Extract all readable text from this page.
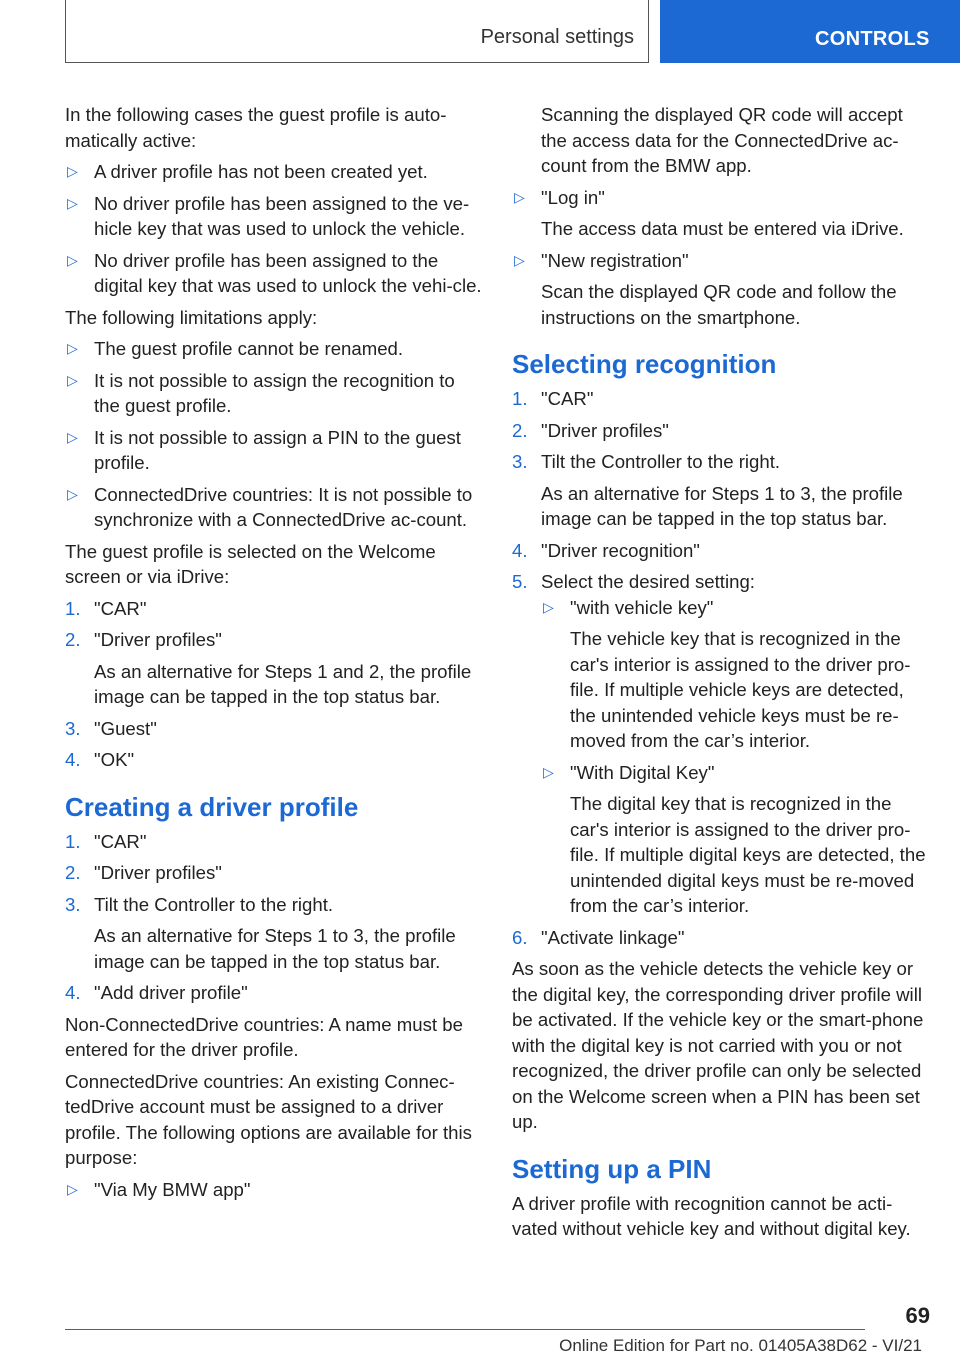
Personal settings	CONTROLS

In the following cases the guest profile is auto-matically active:

▷ A driver profile has not been created yet.
▷ No driver profile has been assigned to the ve-hicle key that was used to unlock the vehicle.
▷ No driver profile has been assigned to the digital key that was used to unlock the vehi-cle.

The following limitations apply:

▷ The guest profile cannot be renamed.
▷ It is not possible to assign the recognition to the guest profile.
▷ It is not possible to assign a PIN to the guest profile.
▷ ConnectedDrive countries: It is not possible to synchronize with a ConnectedDrive ac-count.

The guest profile is selected on the Welcome screen or via iDrive:

1. "CAR"
2. "Driver profiles"
As an alternative for Steps 1 and 2, the profile image can be tapped in the top status bar.
3. "Guest"
4. "OK"
Creating a driver profile
1. "CAR"
2. "Driver profiles"
3. Tilt the Controller to the right.
As an alternative for Steps 1 to 3, the profile image can be tapped in the top status bar.
4. "Add driver profile"

Non-ConnectedDrive countries: A name must be entered for the driver profile.

ConnectedDrive countries: An existing Connec-tedDrive account must be assigned to a driver profile. The following options are available for this purpose:

▷ "Via My BMW app"
Scanning the displayed QR code will accept the access data for the ConnectedDrive ac-count from the BMW app.
▷ "Log in"
The access data must be entered via iDrive.
▷ "New registration"
Scan the displayed QR code and follow the instructions on the smartphone.
Selecting recognition
1. "CAR"
2. "Driver profiles"
3. Tilt the Controller to the right.
As an alternative for Steps 1 to 3, the profile image can be tapped in the top status bar.
4. "Driver recognition"
5. Select the desired setting:
▷ "with vehicle key"
The vehicle key that is recognized in the car's interior is assigned to the driver pro-file. If multiple vehicle keys are detected, the unintended vehicle keys must be re-moved from the car’s interior.
▷ "With Digital Key"
The digital key that is recognized in the car's interior is assigned to the driver pro-file. If multiple digital keys are detected, the unintended digital keys must be re-moved from the car’s interior.
6. "Activate linkage"

As soon as the vehicle detects the vehicle key or the digital key, the corresponding driver profile will be activated. If the vehicle key or the smart-phone with the digital key is not carried with you or not recognized, the driver profile can only be selected on the Welcome screen when a PIN has been set up.

Setting up a PIN

A driver profile with recognition cannot be acti-vated without vehicle key and without digital key.

69
Online Edition for Part no. 01405A38D62 - VI/21
